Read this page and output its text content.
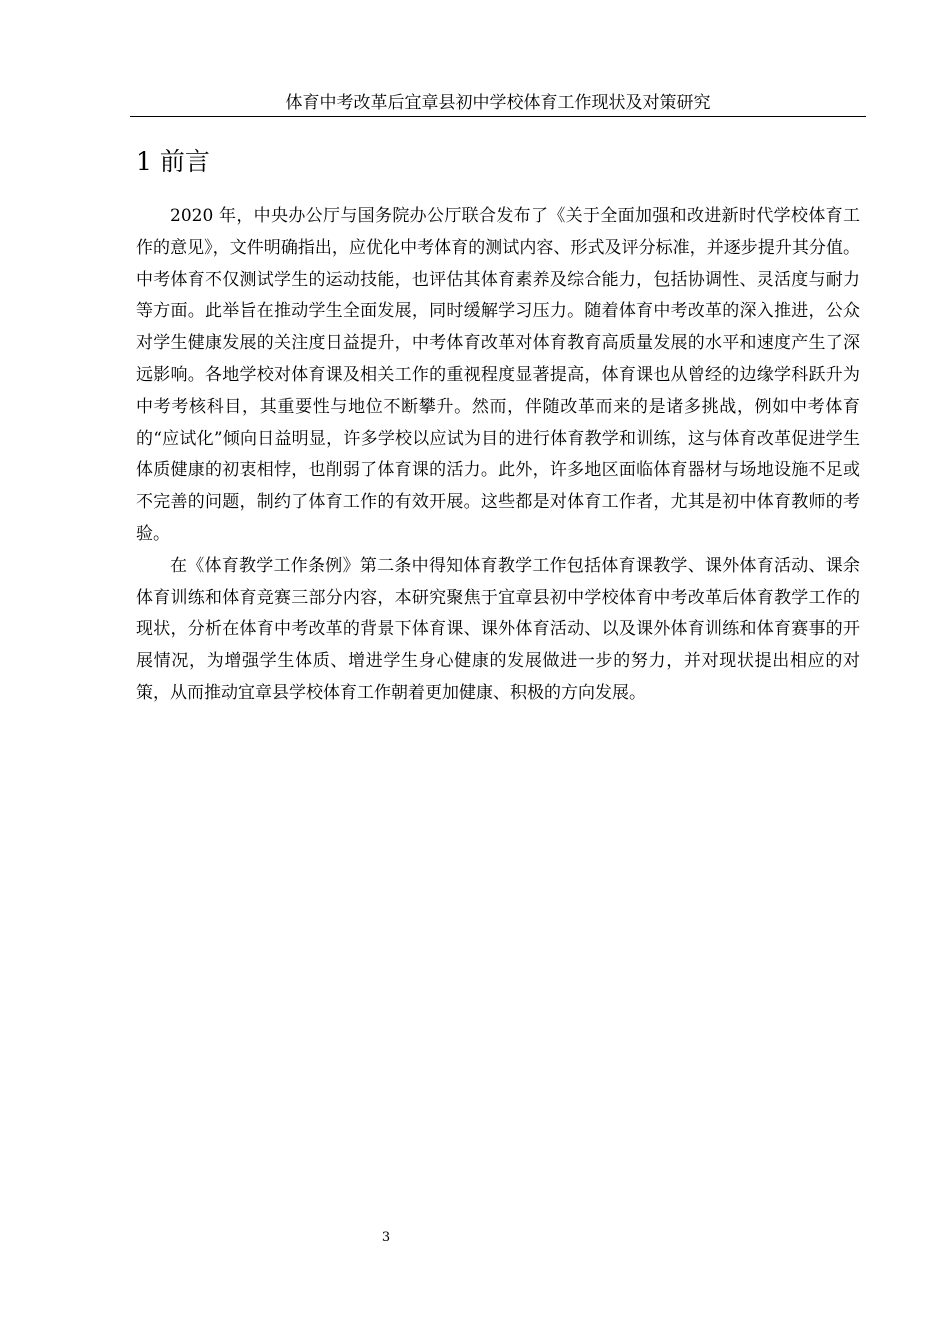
体育中考改革后宜章县初中学校体育工作现状及对策研究
1 前言

2020 年，中央办公厅与国务院办公厅联合发布了《关于全面加强和改进新时代学校体育工作的意见》，文件明确指出，应优化中考体育的测试内容、形式及评分标准，并逐步提升其分值。中考体育不仅测试学生的运动技能，也评估其体育素养及综合能力，包括协调性、灵活度与耐力等方面。此举旨在推动学生全面发展，同时缓解学习压力。随着体育中考改革的深入推进，公众对学生健康发展的关注度日益提升，中考体育改革对体育教育高质量发展的水平和速度产生了深远影响。各地学校对体育课及相关工作的重视程度显著提高，体育课也从曾经的边缘学科跃升为中考考核科目，其重要性与地位不断攀升。然而，伴随改革而来的是诸多挑战，例如中考体育的“应试化”倾向日益明显，许多学校以应试为目的进行体育教学和训练，这与体育改革促进学生体质健康的初衷相悖，也削弱了体育课的活力。此外，许多地区面临体育器材与场地设施不足或不完善的问题，制约了体育工作的有效开展。这些都是对体育工作者，尤其是初中体育教师的考验。

在《体育教学工作条例》第二条中得知体育教学工作包括体育课教学、课外体育活动、课余体育训练和体育竞赛三部分内容，本研究聚焦于宜章县初中学校体育中考改革后体育教学工作的现状，分析在体育中考改革的背景下体育课、课外体育活动、以及课外体育训练和体育赛事的开展情况，为增强学生体质、增进学生身心健康的发展做进一步的努力，并对现状提出相应的对策，从而推动宜章县学校体育工作朝着更加健康、积极的方向发展。

3
